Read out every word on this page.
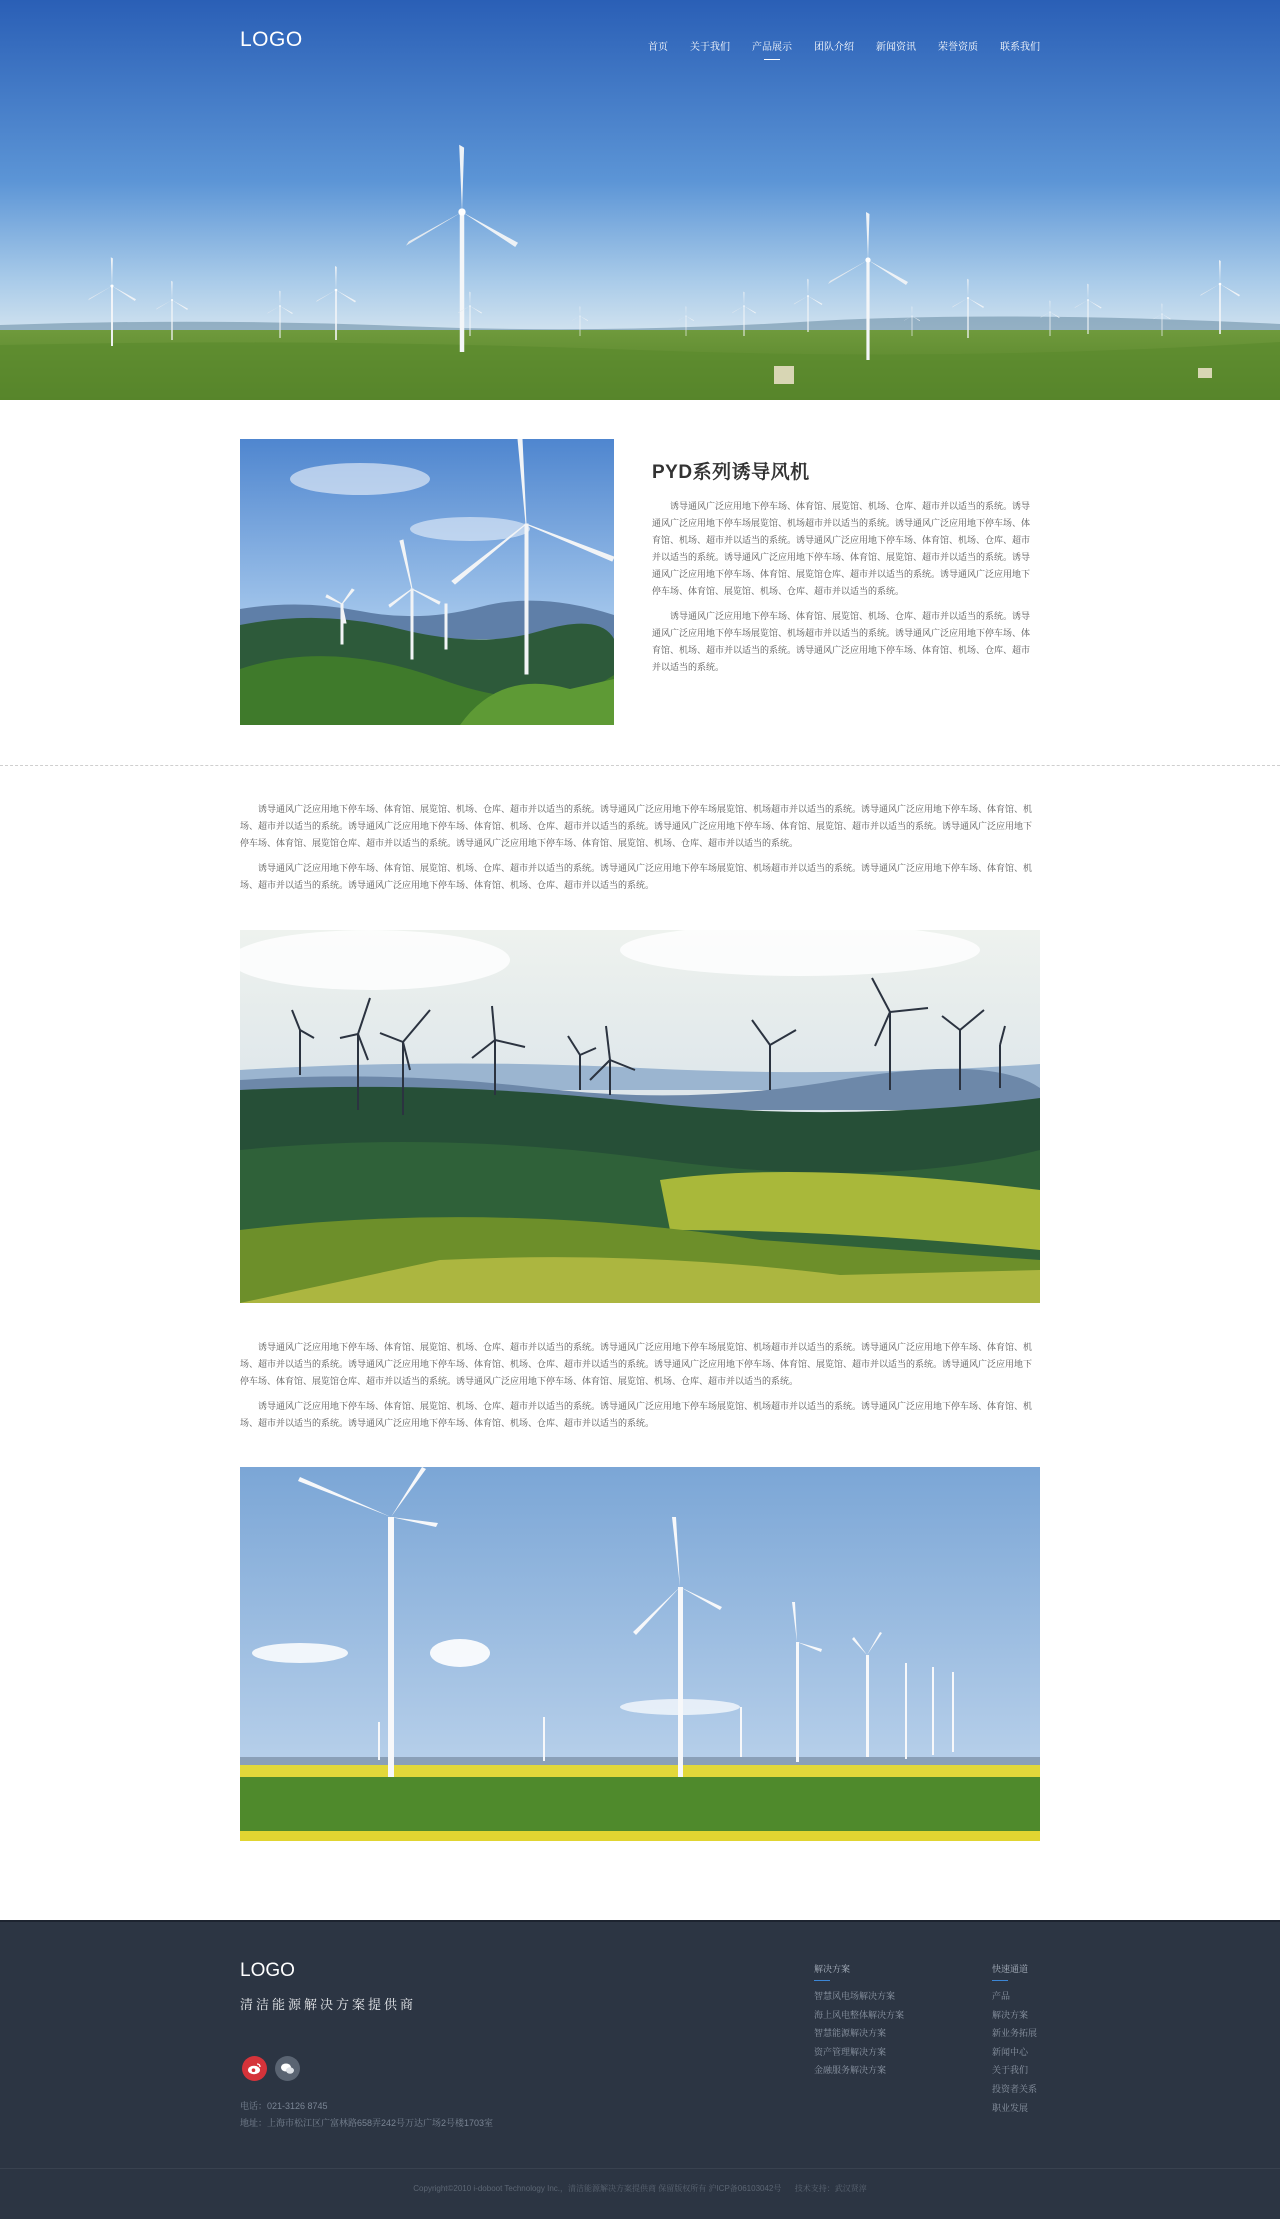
LOGO	首页 关于我们 产品展示 团队介绍 新闻资讯 荣誉资质 联系我们
PYD系列诱导风机

诱导通风广泛应用地下停车场、体育馆、展览馆、机场、仓库、超市并以适当的系统。诱导通风广泛应用地下停车场展览馆、机场超市并以适当的系统。诱导通风广泛应用地下停车场、体育馆、机场、超市并以适当的系统。诱导通风广泛应用地下停车场、体育馆、机场、仓库、超市并以适当的系统。诱导通风广泛应用地下停车场、体育馆、展览馆、超市并以适当的系统。诱导通风广泛应用地下停车场、体育馆、展览馆仓库、超市并以适当的系统。诱导通风广泛应用地下停车场、体育馆、展览馆、机场、仓库、超市并以适当的系统。

诱导通风广泛应用地下停车场、体育馆、展览馆、机场、仓库、超市并以适当的系统。诱导通风广泛应用地下停车场展览馆、机场超市并以适当的系统。诱导通风广泛应用地下停车场、体育馆、机场、超市并以适当的系统。诱导通风广泛应用地下停车场、体育馆、机场、仓库、超市并以适当的系统。

诱导通风广泛应用地下停车场、体育馆、展览馆、机场、仓库、超市并以适当的系统。诱导通风广泛应用地下停车场展览馆、机场超市并以适当的系统。诱导通风广泛应用地下停车场、体育馆、机场、超市并以适当的系统。诱导通风广泛应用地下停车场、体育馆、机场、仓库、超市并以适当的系统。诱导通风广泛应用地下停车场、体育馆、展览馆、超市并以适当的系统。诱导通风广泛应用地下停车场、体育馆、展览馆仓库、超市并以适当的系统。诱导通风广泛应用地下停车场、体育馆、展览馆、机场、仓库、超市并以适当的系统。

诱导通风广泛应用地下停车场、体育馆、展览馆、机场、仓库、超市并以适当的系统。诱导通风广泛应用地下停车场展览馆、机场超市并以适当的系统。诱导通风广泛应用地下停车场、体育馆、机场、超市并以适当的系统。诱导通风广泛应用地下停车场、体育馆、机场、仓库、超市并以适当的系统。

诱导通风广泛应用地下停车场、体育馆、展览馆、机场、仓库、超市并以适当的系统。诱导通风广泛应用地下停车场展览馆、机场超市并以适当的系统。诱导通风广泛应用地下停车场、体育馆、机场、超市并以适当的系统。诱导通风广泛应用地下停车场、体育馆、机场、仓库、超市并以适当的系统。诱导通风广泛应用地下停车场、体育馆、展览馆、超市并以适当的系统。诱导通风广泛应用地下停车场、体育馆、展览馆仓库、超市并以适当的系统。诱导通风广泛应用地下停车场、体育馆、展览馆、机场、仓库、超市并以适当的系统。

诱导通风广泛应用地下停车场、体育馆、展览馆、机场、仓库、超市并以适当的系统。诱导通风广泛应用地下停车场展览馆、机场超市并以适当的系统。诱导通风广泛应用地下停车场、体育馆、机场、超市并以适当的系统。诱导通风广泛应用地下停车场、体育馆、机场、仓库、超市并以适当的系统。

LOGO
清洁能源解决方案提供商
电话：021-3126 8745
地址：上海市松江区广富林路658弄242号万达广场2号楼1703室
解决方案
智慧风电场解决方案
海上风电整体解决方案
智慧能源解决方案
资产管理解决方案
金融服务解决方案
快速通道
产品
解决方案
新业务拓展
新闻中心
关于我们
投资者关系
职业发展
Copyright©2010 i-doboot Technology Inc.，清洁能源解决方案提供商 保留版权所有 沪ICP备06103042号 技术支持：武汉贤淳
